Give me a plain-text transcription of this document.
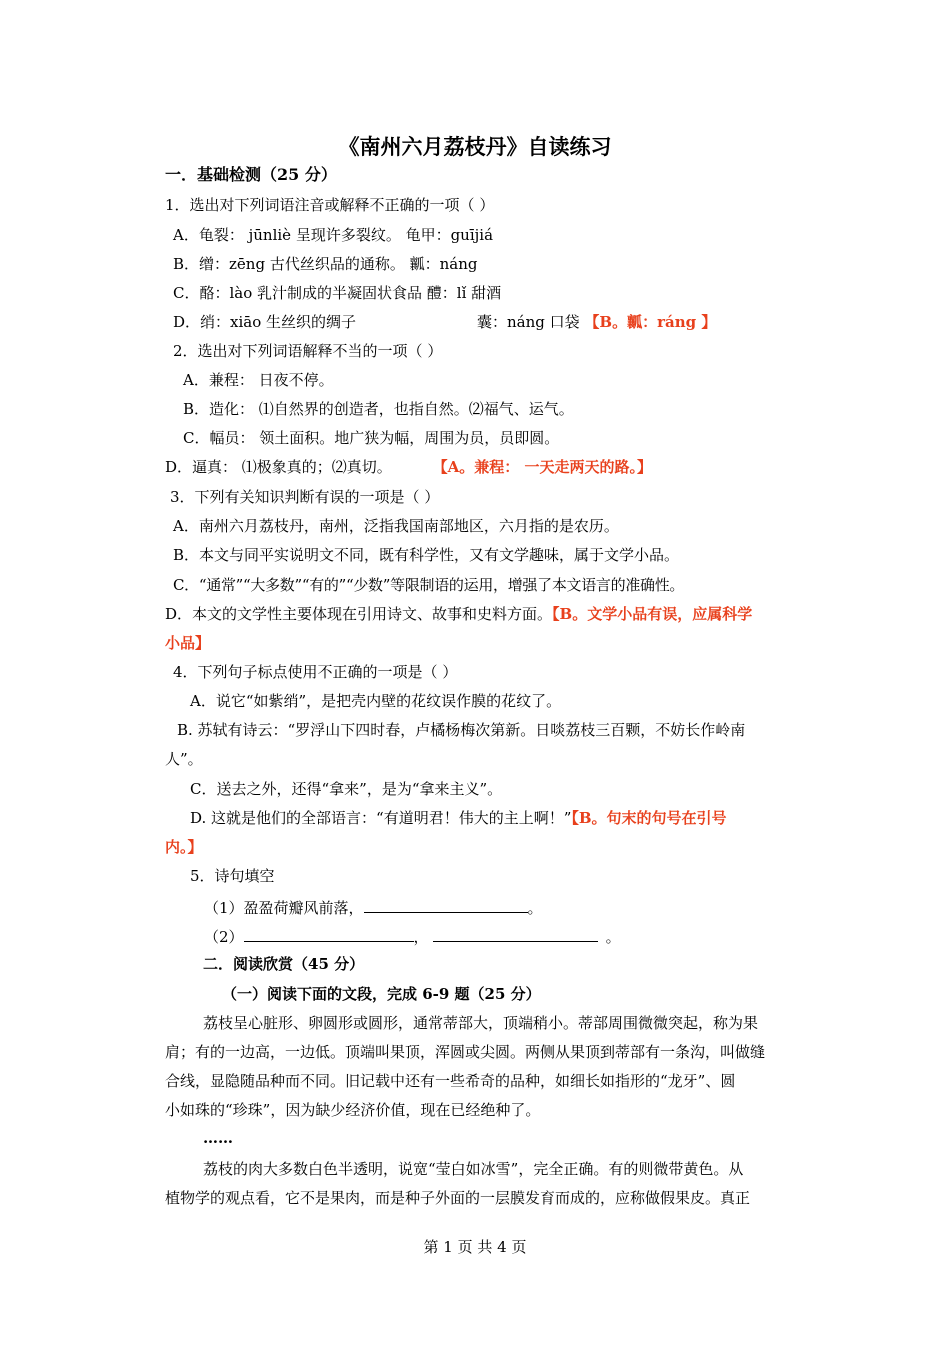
《南州六月荔枝丹》自读练习
一．基础检测（25 分）
1．选出对下列词语注音或解释不正确的一项（ ）
A．龟裂： jūnliè 呈现许多裂纹。 龟甲：guījiá
B．缯：zēng 古代丝织品的通称。 瓤：náng
C．酪：lào 乳汁制成的半凝固状食品 醴：lǐ 甜酒
D．绡：xiāo 生丝织的绸子	囊：náng 口袋 【B。瓤：ráng 】
2．选出对下列词语解释不当的一项（ ）
A．兼程： 日夜不停。
B．造化： ⑴自然界的创造者，也指自然。⑵福气、运气。
C．幅员： 领土面积。地广狭为幅，周围为员，员即圆。
D．逼真： ⑴极象真的；⑵真切。	【A。兼程： 一天走两天的路。】
3．下列有关知识判断有误的一项是（ ）
A．南州六月荔枝丹，南州，泛指我国南部地区，六月指的是农历。
B．本文与同平实说明文不同，既有科学性，又有文学趣味，属于文学小品。
C．“通常”“大多数”“有的”“少数”等限制语的运用，增强了本文语言的准确性。
D．本文的文学性主要体现在引用诗文、故事和史料方面。【B。文学小品有误，应属科学
小品】
4．下列句子标点使用不正确的一项是（ ）
A．说它“如紫绡”，是把壳内壁的花纹误作膜的花纹了。
B. 苏轼有诗云：“罗浮山下四时春，卢橘杨梅次第新。日啖荔枝三百颗，不妨长作岭南
人”。
C．送去之外，还得“拿来”，是为“拿来主义”。
D. 这就是他们的全部语言：“有道明君！伟大的主上啊！”【B。句末的句号在引号
内。】
5．诗句填空
（1）盈盈荷瓣风前落，	。
（2）	，	。
二．阅读欣赏（45 分）
（一）阅读下面的文段，完成 6-9 题（25 分）
荔枝呈心脏形、卵圆形或圆形，通常蒂部大，顶端稍小。蒂部周围微微突起，称为果
肩；有的一边高，一边低。顶端叫果顶，浑圆或尖圆。两侧从果顶到蒂部有一条沟，叫做缝
合线，显隐随品种而不同。旧记载中还有一些希奇的品种，如细长如指形的“龙牙”、圆
小如珠的“珍珠”，因为缺少经济价值，现在已经绝种了。
……
荔枝的肉大多数白色半透明，说宽“莹白如冰雪”，完全正确。有的则微带黄色。从
植物学的观点看，它不是果肉，而是种子外面的一层膜发育而成的，应称做假果皮。真正
第 1 页 共 4 页
